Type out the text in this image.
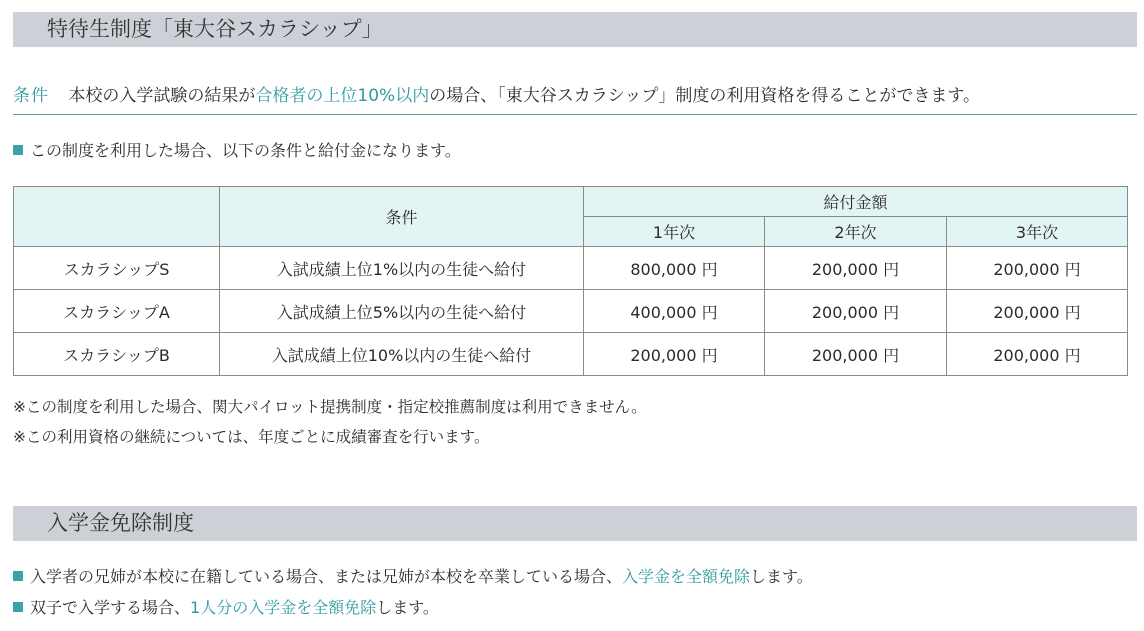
特待生制度「東大谷スカラシップ」
条件 本校の入学試験の結果が合格者の上位10%以内の場合、「東大谷スカラシップ」制度の利用資格を得ることができます。
この制度を利用した場合、以下の条件と給付金になります。
	条件	給付金額		
		1年次	2年次	3年次
スカラシップS	入試成績上位1%以内の生徒へ給付	800,000 円	200,000 円	200,000 円
スカラシップA	入試成績上位5%以内の生徒へ給付	400,000 円	200,000 円	200,000 円
スカラシップB	入試成績上位10%以内の生徒へ給付	200,000 円	200,000 円	200,000 円
※この制度を利用した場合、関大パイロット提携制度・指定校推薦制度は利用できません。
※この利用資格の継続については、年度ごとに成績審査を行います。
入学金免除制度
入学者の兄姉が本校に在籍している場合、または兄姉が本校を卒業している場合、入学金を全額免除します。
双子で入学する場合、1人分の入学金を全額免除します。
